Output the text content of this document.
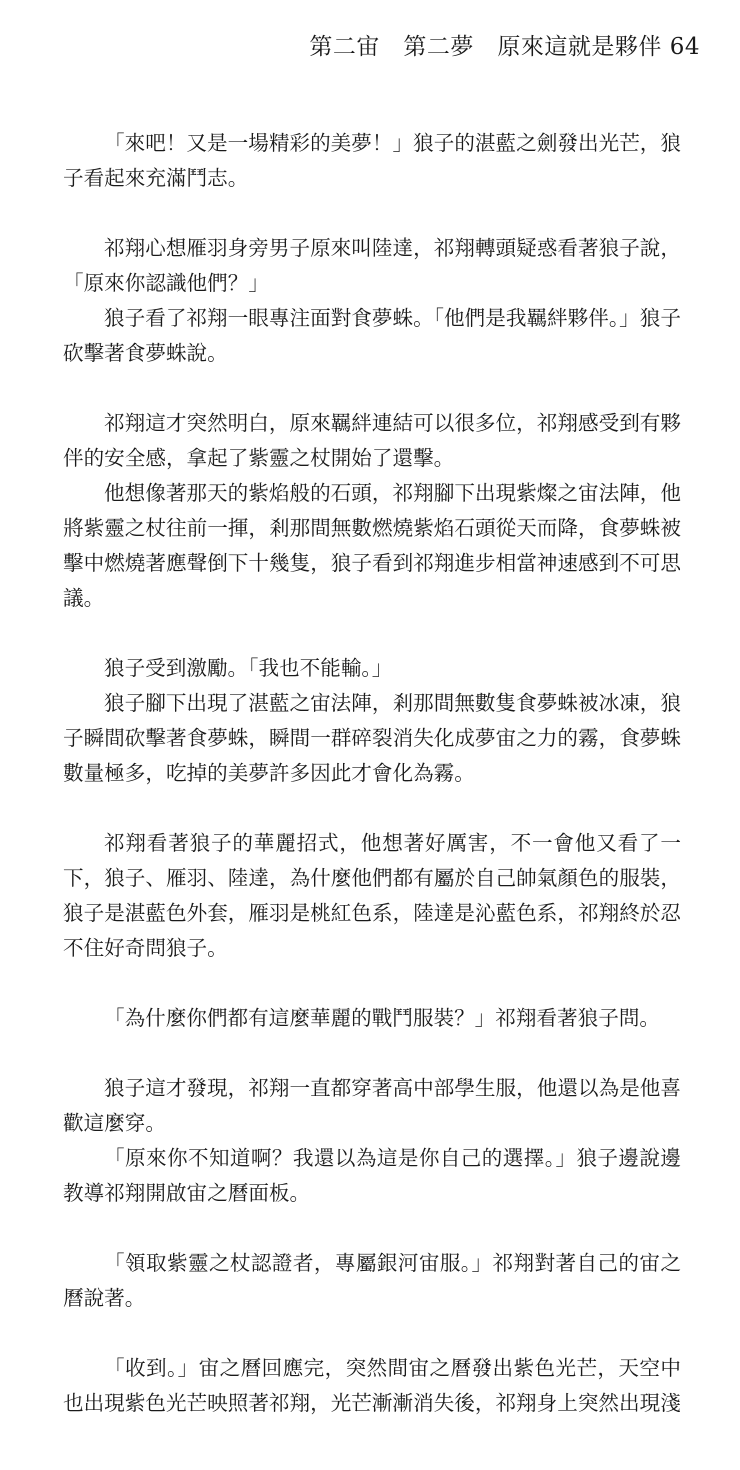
第二宙　第二夢　原來這就是夥伴 64

「來吧！又是一場精彩的美夢！」狼子的湛藍之劍發出光芒，狼子看起來充滿鬥志。

祁翔心想雁羽身旁男子原來叫陸達，祁翔轉頭疑惑看著狼子說，「原來你認識他們？」

狼子看了祁翔一眼專注面對食夢蛛。「他們是我羈絆夥伴。」狼子砍擊著食夢蛛說。

祁翔這才突然明白，原來羈絆連結可以很多位，祁翔感受到有夥伴的安全感，拿起了紫靈之杖開始了還擊。

他想像著那天的紫焰般的石頭，祁翔腳下出現紫燦之宙法陣，他將紫靈之杖往前一揮，剎那間無數燃燒紫焰石頭從天而降，食夢蛛被擊中燃燒著應聲倒下十幾隻，狼子看到祁翔進步相當神速感到不可思議。

狼子受到激勵。「我也不能輸。」

狼子腳下出現了湛藍之宙法陣，剎那間無數隻食夢蛛被冰凍，狼子瞬間砍擊著食夢蛛，瞬間一群碎裂消失化成夢宙之力的霧，食夢蛛數量極多，吃掉的美夢許多因此才會化為霧。

祁翔看著狼子的華麗招式，他想著好厲害，不一會他又看了一下，狼子、雁羽、陸達，為什麼他們都有屬於自己帥氣顏色的服裝，狼子是湛藍色外套，雁羽是桃紅色系，陸達是沁藍色系，祁翔終於忍不住好奇問狼子。

「為什麼你們都有這麼華麗的戰鬥服裝？」祁翔看著狼子問。

狼子這才發現，祁翔一直都穿著高中部學生服，他還以為是他喜歡這麼穿。

「原來你不知道啊？我還以為這是你自己的選擇。」狼子邊說邊教導祁翔開啟宙之曆面板。

「領取紫靈之杖認證者，專屬銀河宙服。」祁翔對著自己的宙之曆說著。

「收到。」宙之曆回應完，突然間宙之曆發出紫色光芒，天空中也出現紫色光芒映照著祁翔，光芒漸漸消失後，祁翔身上突然出現淺
